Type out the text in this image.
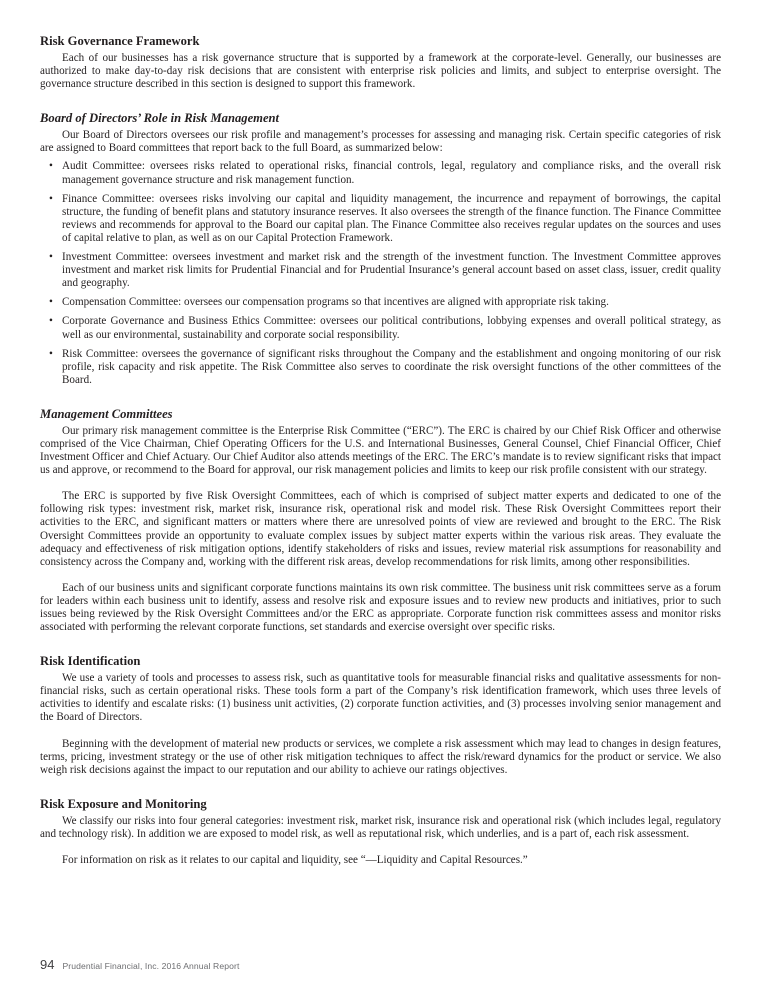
Risk Governance Framework

Each of our businesses has a risk governance structure that is supported by a framework at the corporate-level. Generally, our businesses are authorized to make day-to-day risk decisions that are consistent with enterprise risk policies and limits, and subject to enterprise oversight. The governance structure described in this section is designed to support this framework.

Board of Directors’ Role in Risk Management

Our Board of Directors oversees our risk profile and management’s processes for assessing and managing risk. Certain specific categories of risk are assigned to Board committees that report back to the full Board, as summarized below:

• Audit Committee: oversees risks related to operational risks, financial controls, legal, regulatory and compliance risks, and the overall risk management governance structure and risk management function.
• Finance Committee: oversees risks involving our capital and liquidity management, the incurrence and repayment of borrowings, the capital structure, the funding of benefit plans and statutory insurance reserves. It also oversees the strength of the finance function. The Finance Committee reviews and recommends for approval to the Board our capital plan. The Finance Committee also receives regular updates on the sources and uses of capital relative to plan, as well as on our Capital Protection Framework.
• Investment Committee: oversees investment and market risk and the strength of the investment function. The Investment Committee approves investment and market risk limits for Prudential Financial and for Prudential Insurance’s general account based on asset class, issuer, credit quality and geography.
• Compensation Committee: oversees our compensation programs so that incentives are aligned with appropriate risk taking.
• Corporate Governance and Business Ethics Committee: oversees our political contributions, lobbying expenses and overall political strategy, as well as our environmental, sustainability and corporate social responsibility.
• Risk Committee: oversees the governance of significant risks throughout the Company and the establishment and ongoing monitoring of our risk profile, risk capacity and risk appetite. The Risk Committee also serves to coordinate the risk oversight functions of the other committees of the Board.
Management Committees

Our primary risk management committee is the Enterprise Risk Committee (“ERC”). The ERC is chaired by our Chief Risk Officer and otherwise comprised of the Vice Chairman, Chief Operating Officers for the U.S. and International Businesses, General Counsel, Chief Financial Officer, Chief Investment Officer and Chief Actuary. Our Chief Auditor also attends meetings of the ERC. The ERC’s mandate is to review significant risks that impact us and approve, or recommend to the Board for approval, our risk management policies and limits to keep our risk profile consistent with our strategy.

The ERC is supported by five Risk Oversight Committees, each of which is comprised of subject matter experts and dedicated to one of the following risk types: investment risk, market risk, insurance risk, operational risk and model risk. These Risk Oversight Committees report their activities to the ERC, and significant matters or matters where there are unresolved points of view are reviewed and brought to the ERC. The Risk Oversight Committees provide an opportunity to evaluate complex issues by subject matter experts within the various risk areas. They evaluate the adequacy and effectiveness of risk mitigation options, identify stakeholders of risks and issues, review material risk assumptions for reasonability and consistency across the Company and, working with the different risk areas, develop recommendations for risk limits, among other responsibilities.

Each of our business units and significant corporate functions maintains its own risk committee. The business unit risk committees serve as a forum for leaders within each business unit to identify, assess and resolve risk and exposure issues and to review new products and initiatives, prior to such issues being reviewed by the Risk Oversight Committees and/or the ERC as appropriate. Corporate function risk committees assess and monitor risks associated with performing the relevant corporate functions, set standards and exercise oversight over specific risks.

Risk Identification

We use a variety of tools and processes to assess risk, such as quantitative tools for measurable financial risks and qualitative assessments for non-financial risks, such as certain operational risks. These tools form a part of the Company’s risk identification framework, which uses three levels of activities to identify and escalate risks: (1) business unit activities, (2) corporate function activities, and (3) processes involving senior management and the Board of Directors.

Beginning with the development of material new products or services, we complete a risk assessment which may lead to changes in design features, terms, pricing, investment strategy or the use of other risk mitigation techniques to affect the risk/reward dynamics for the product or service. We also weigh risk decisions against the impact to our reputation and our ability to achieve our ratings objectives.

Risk Exposure and Monitoring

We classify our risks into four general categories: investment risk, market risk, insurance risk and operational risk (which includes legal, regulatory and technology risk). In addition we are exposed to model risk, as well as reputational risk, which underlies, and is a part of, each risk assessment.

For information on risk as it relates to our capital and liquidity, see “—Liquidity and Capital Resources.”

94 Prudential Financial, Inc. 2016 Annual Report
